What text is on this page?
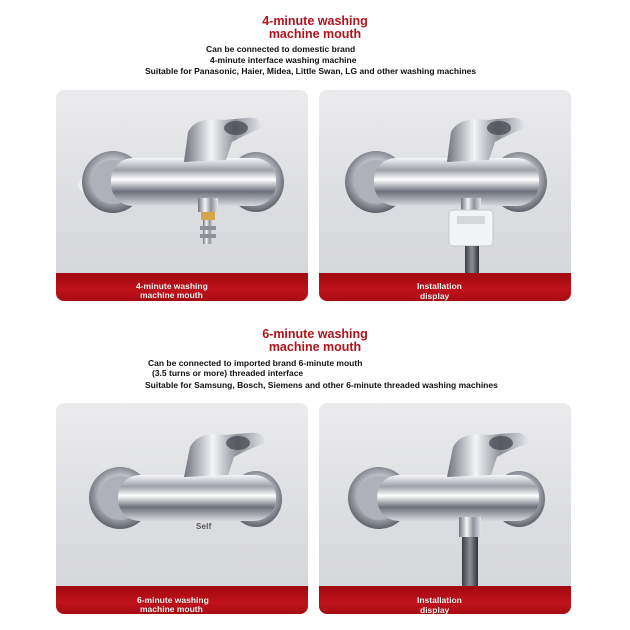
4-minute washing
machine mouth
Can be connected to domestic brand
4-minute interface washing machine
Suitable for Panasonic, Haier, Midea, Little Swan, LG and other washing machines
4-minute washing
machine mouth
Installation
display
6-minute washing
machine mouth
Can be connected to imported brand 6-minute mouth
(3.5 turns or more) threaded interface
Suitable for Samsung, Bosch, Siemens and other 6-minute threaded washing machines
Self
6-minute washing
machine mouth
Installation
display
